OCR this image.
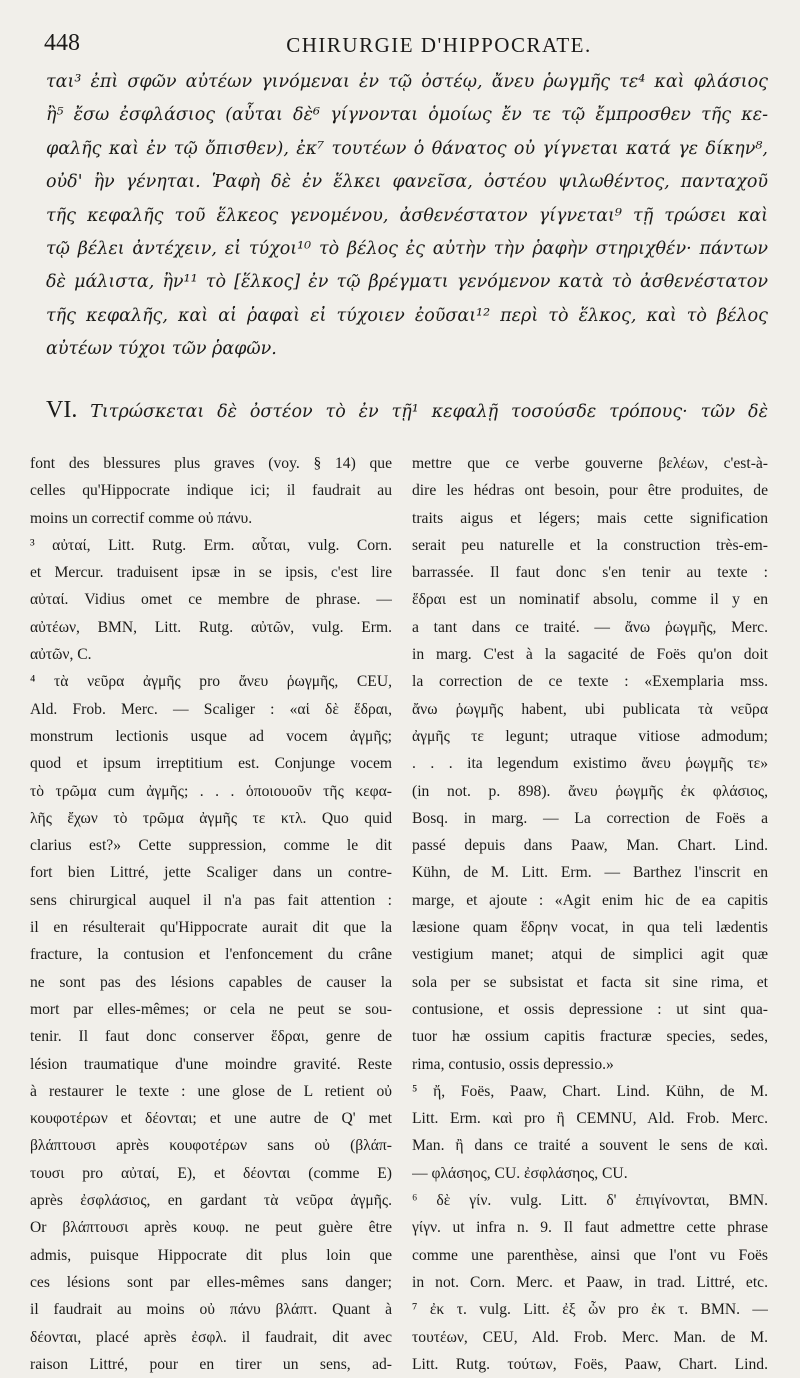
448	CHIRURGIE D'HIPPOCRATE.
ται³ ἐπὶ σφῶν αὐτέων γινόμεναι ἐν τῷ ὀστέῳ, ἄνευ ῥωγμῆς τε⁴ καὶ φλάσιος
ἢ⁵ ἔσω ἐσφλάσιος (αὗται δὲ⁶ γίγνονται ὁμοίως ἔν τε τῷ ἔμπροσθεν τῆς κε-
φαλῆς καὶ ἐν τῷ ὄπισθεν), ἐκ⁷ τουτέων ὁ θάνατος οὐ γίγνεται κατά γε δίκην⁸,
οὐδ' ἢν γένηται. Ῥαφὴ δὲ ἐν ἕλκει φανεῖσα, ὀστέου ψιλωθέντος, πανταχοῦ
τῆς κεφαλῆς τοῦ ἕλκεος γενομένου, ἀσθενέστατον γίγνεται⁹ τῇ τρώσει καὶ
τῷ βέλει ἀντέχειν, εἰ τύχοι¹⁰ τὸ βέλος ἐς αὐτὴν τὴν ῥαφὴν στηριχθέν· πάντων
δὲ μάλιστα, ἢν¹¹ τὸ [ἕλκος] ἐν τῷ βρέγματι γενόμενον κατὰ τὸ ἀσθενέστατον
τῆς κεφαλῆς, καὶ αἱ ῥαφαὶ εἰ τύχοιεν ἐοῦσαι¹² περὶ τὸ ἕλκος, καὶ τὸ βέλος
αὐτέων τύχοι τῶν ῥαφῶν.
VI. Τιτρώσκεται δὲ ὀστέον τὸ ἐν τῇ¹ κεφαλῇ τοσούσδε τρόπους· τῶν δὲ
font des blessures plus graves (voy. § 14) que
celles qu'Hippocrate indique ici; il faudrait au
moins un correctif comme οὐ πάνυ.
³ αὐταί, Litt. Rutg. Erm. αὗται, vulg. Corn.
et Mercur. traduisent ipsæ in se ipsis, c'est lire
αὐταί. Vidius omet ce membre de phrase. —
αὐτέων, BMN, Litt. Rutg. αὐτῶν, vulg. Erm.
αὐτῶν, C.
⁴ τὰ νεῦρα ἀγμῆς pro ἄνευ ῥωγμῆς, CEU,
Ald. Frob. Merc. — Scaliger : «αἱ δὲ ἕδραι,
monstrum lectionis usque ad vocem ἀγμῆς;
quod et ipsum irreptitium est. Conjunge vocem
τὸ τρῶμα cum ἀγμῆς; . . . ὁποιουοῦν τῆς κεφα-
λῆς ἔχων τὸ τρῶμα ἀγμῆς τε κτλ. Quo quid
clarius est?» Cette suppression, comme le dit
fort bien Littré, jette Scaliger dans un contre-
sens chirurgical auquel il n'a pas fait attention :
il en résulterait qu'Hippocrate aurait dit que la
fracture, la contusion et l'enfoncement du crâne
ne sont pas des lésions capables de causer la
mort par elles-mêmes; or cela ne peut se sou-
tenir. Il faut donc conserver ἕδραι, genre de
lésion traumatique d'une moindre gravité. Reste
à restaurer le texte : une glose de L retient οὐ
κουφοτέρων et δέονται; et une autre de Q' met
βλάπτουσι après κουφοτέρων sans οὐ (βλάπ-
τουσι pro αὐταί, E), et δέονται (comme E)
après ἐσφλάσιος, en gardant τὰ νεῦρα ἀγμῆς.
Or βλάπτουσι après κουφ. ne peut guère être
admis, puisque Hippocrate dit plus loin que
ces lésions sont par elles-mêmes sans danger;
il faudrait au moins οὐ πάνυ βλάπτ. Quant à
δέονται, placé après ἐσφλ. il faudrait, dit avec
raison Littré, pour en tirer un sens, ad-
mettre que ce verbe gouverne βελέων, c'est-à-
dire les hédras ont besoin, pour être produites, de
traits aigus et légers; mais cette signification
serait peu naturelle et la construction très-em-
barrassée. Il faut donc s'en tenir au texte :
ἕδραι est un nominatif absolu, comme il y en
a tant dans ce traité. — ἄνω ῥωγμῆς, Merc.
in marg. C'est à la sagacité de Foës qu'on doit
la correction de ce texte : «Exemplaria mss.
ἄνω ῥωγμῆς habent, ubi publicata τὰ νεῦρα
ἀγμῆς τε legunt; utraque vitiose admodum;
. . . ita legendum existimo ἄνευ ῥωγμῆς τε»
(in not. p. 898). ἄνευ ῥωγμῆς ἐκ φλάσιος,
Bosq. in marg. — La correction de Foës a
passé depuis dans Paaw, Man. Chart. Lind.
Kühn, de M. Litt. Erm. — Barthez l'inscrit en
marge, et ajoute : «Agit enim hic de ea capitis
læsione quam ἕδρην vocat, in qua teli lædentis
vestigium manet; atqui de simplici agit quæ
sola per se subsistat et facta sit sine rima, et
contusione, et ossis depressione : ut sint qua-
tuor hæ ossium capitis fracturæ species, sedes,
rima, contusio, ossis depressio.»
⁵ ἤ, Foës, Paaw, Chart. Lind. Kühn, de M.
Litt. Erm. καὶ pro ἢ CEMNU, Ald. Frob. Merc.
Man. ἢ dans ce traité a souvent le sens de καὶ.
— φλάσηος, CU. ἐσφλάσηος, CU.
⁶ δὲ γίν. vulg. Litt. δ' ἐπιγίνονται, BMN.
γίγν. ut infra n. 9. Il faut admettre cette phrase
comme une parenthèse, ainsi que l'ont vu Foës
in not. Corn. Merc. et Paaw, in trad. Littré, etc.
⁷ ἐκ τ. vulg. Litt. ἐξ ὧν pro ἐκ τ. BMN. —
τουτέων, CEU, Ald. Frob. Merc. Man. de M.
Litt. Rutg. τούτων, Foës, Paaw, Chart. Lind.
